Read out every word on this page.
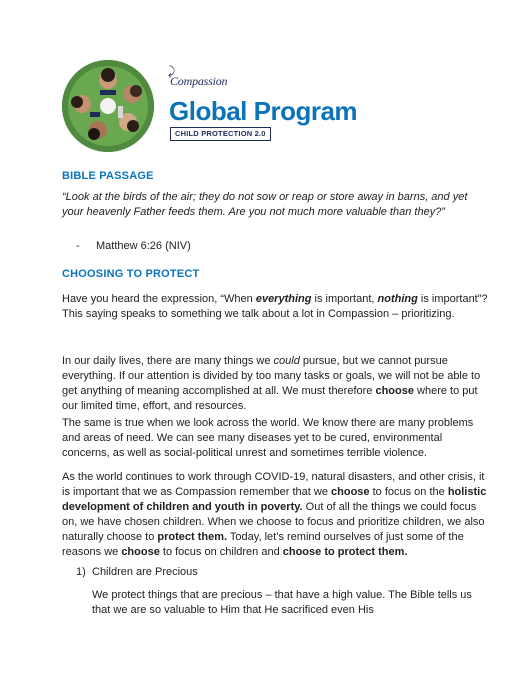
⤸
Compassion
Global Program
CHILD PROTECTION 2.0
BIBLE PASSAGE
“Look at the birds of the air; they do not sow or reap or store away in barns, and yet your heavenly Father feeds them. Are you not much more valuable than they?”
- Matthew 6:26 (NIV)
CHOOSING TO PROTECT

Have you heard the expression, “When everything is important, nothing is important”? This saying speaks to something we talk about a lot in Compassion – prioritizing.

In our daily lives, there are many things we could pursue, but we cannot pursue everything. If our attention is divided by too many tasks or goals, we will not be able to get anything of meaning accomplished at all. We must therefore choose where to put our limited time, effort, and resources.

The same is true when we look across the world. We know there are many problems and areas of need. We can see many diseases yet to be cured, environmental concerns, as well as social-political unrest and sometimes terrible violence.

As the world continues to work through COVID-19, natural disasters, and other crisis, it is important that we as Compassion remember that we choose to focus on the holistic development of children and youth in poverty. Out of all the things we could focus on, we have chosen children. When we choose to focus and prioritize children, we also naturally choose to protect them. Today, let’s remind ourselves of just some of the reasons we choose to focus on children and choose to protect them.

1) Children are Precious

We protect things that are precious – that have a high value. The Bible tells us that we are so valuable to Him that He sacrificed even His
